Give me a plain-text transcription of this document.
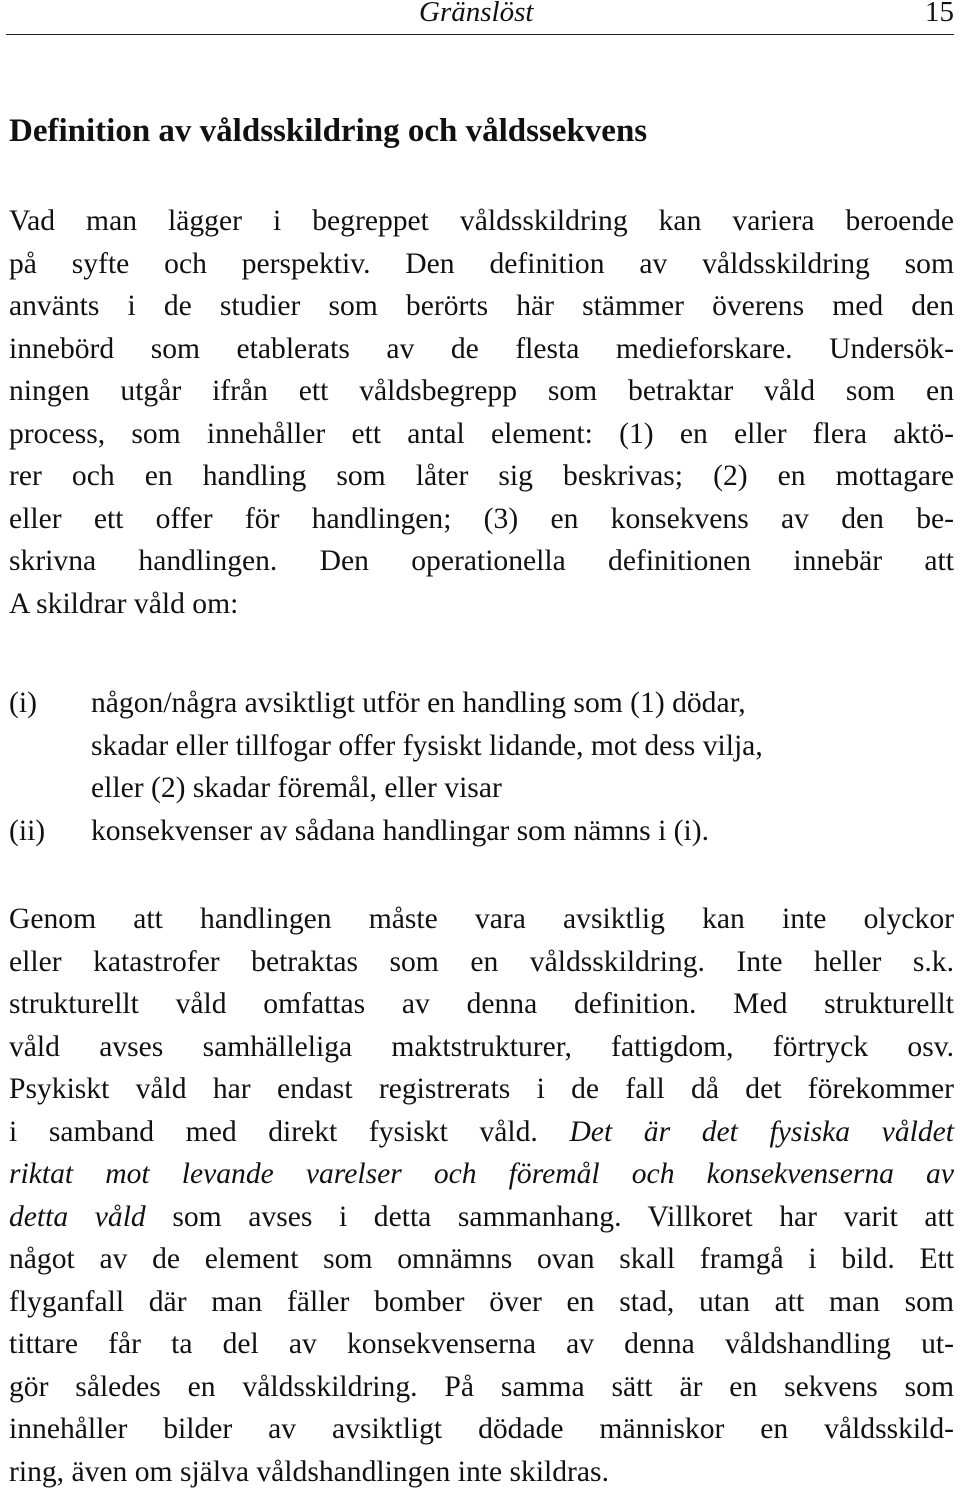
Gränslöst	15
Definition av våldsskildring och våldssekvens
Vad man lägger i begreppet våldsskildring kan variera beroende
på syfte och perspektiv. Den definition av våldsskildring som
använts i de studier som berörts här stämmer överens med den
innebörd som etablerats av de flesta medieforskare. Undersök-
ningen utgår ifrån ett våldsbegrepp som betraktar våld som en
process, som innehåller ett antal element: (1) en eller flera aktö-
rer och en handling som låter sig beskrivas; (2) en mottagare
eller ett offer för handlingen; (3) en konsekvens av den be-
skrivna handlingen. Den operationella definitionen innebär att
A skildrar våld om:
(i) någon/några avsiktligt utför en handling som (1) dödar,
skadar eller tillfogar offer fysiskt lidande, mot dess vilja,
eller (2) skadar föremål, eller visar
(ii) konsekvenser av sådana handlingar som nämns i (i).
Genom att handlingen måste vara avsiktlig kan inte olyckor
eller katastrofer betraktas som en våldsskildring. Inte heller s.k.
strukturellt våld omfattas av denna definition. Med strukturellt
våld avses samhälleliga maktstrukturer, fattigdom, förtryck osv.
Psykiskt våld har endast registrerats i de fall då det förekommer
i samband med direkt fysiskt våld. Det är det fysiska våldet
riktat mot levande varelser och föremål och konsekvenserna av
detta våld som avses i detta sammanhang. Villkoret har varit att
något av de element som omnämns ovan skall framgå i bild. Ett
flyganfall där man fäller bomber över en stad, utan att man som
tittare får ta del av konsekvenserna av denna våldshandling ut-
gör således en våldsskildring. På samma sätt är en sekvens som
innehåller bilder av avsiktligt dödade människor en våldsskild-
ring, även om själva våldshandlingen inte skildras.
